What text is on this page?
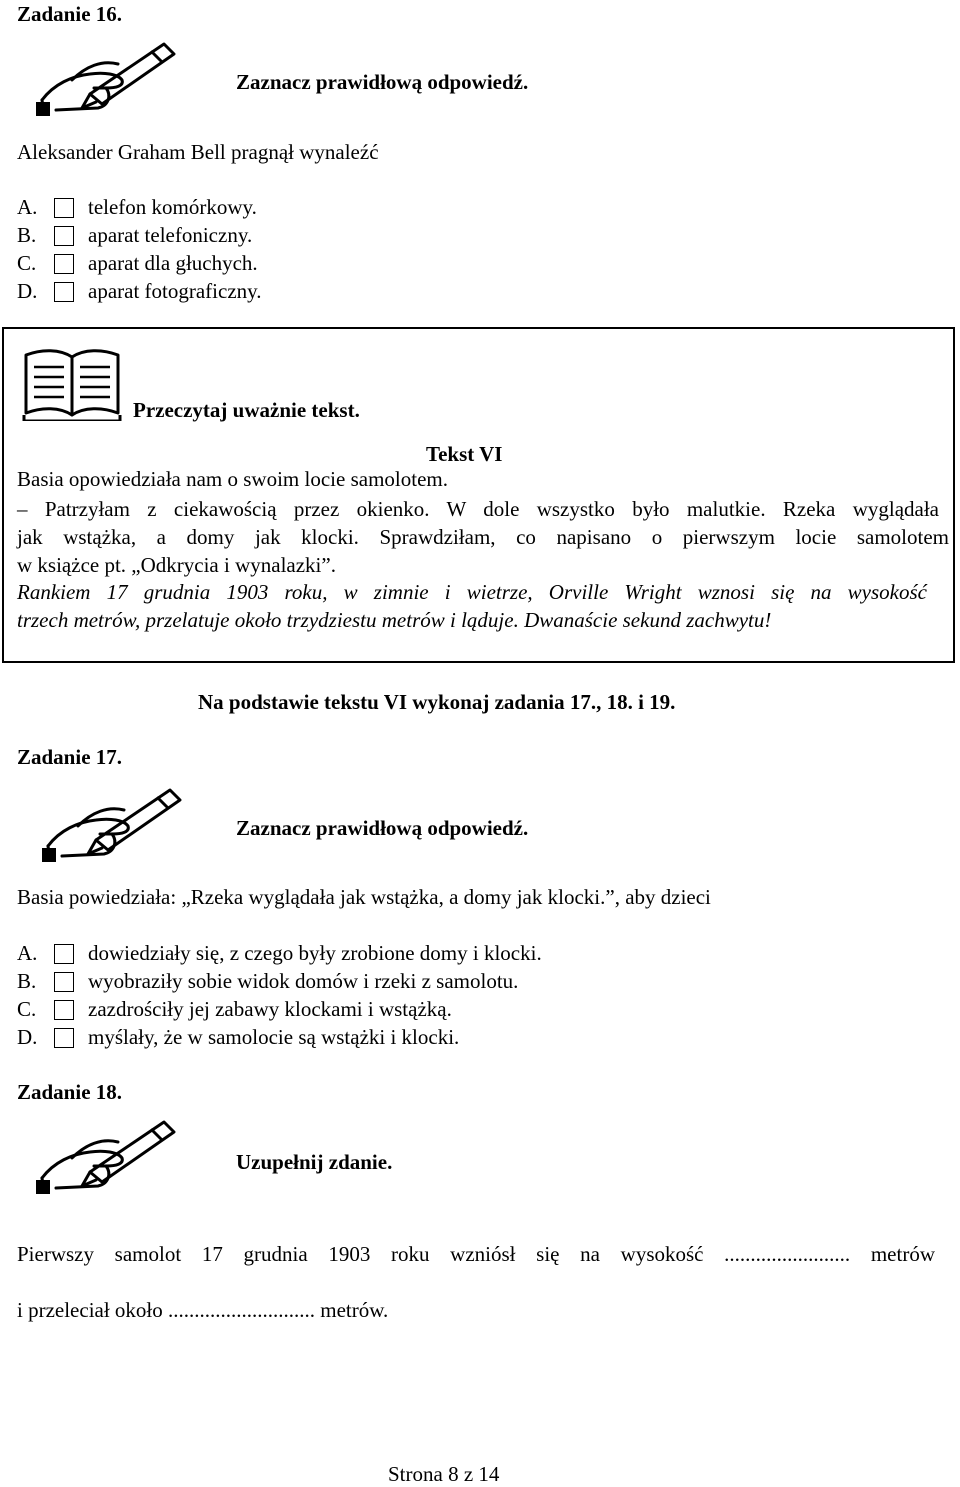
Zadanie 16.
Zaznacz prawidłową odpowiedź.
Aleksander Graham Bell pragnął wynaleźć
A. telefon komórkowy.
B. aparat telefoniczny.
C. aparat dla głuchych.
D. aparat fotograficzny.
Przeczytaj uważnie tekst.
Tekst VI
Basia opowiedziała nam o swoim locie samolotem.
– Patrzyłam z ciekawością przez okienko. W dole wszystko było malutkie. Rzeka wyglądała
jak wstążka, a domy jak klocki. Sprawdziłam, co napisano o pierwszym locie samolotem
w książce pt. „Odkrycia i wynalazki”.
Rankiem 17 grudnia 1903 roku, w zimnie i wietrze, Orville Wright wznosi się na wysokość
trzech metrów, przelatuje około trzydziestu metrów i ląduje. Dwanaście sekund zachwytu!
Na podstawie tekstu VI wykonaj zadania 17., 18. i 19.
Zadanie 17.
Zaznacz prawidłową odpowiedź.
Basia powiedziała: „Rzeka wyglądała jak wstążka, a domy jak klocki.”, aby dzieci
A. dowiedziały się, z czego były zrobione domy i klocki.
B. wyobraziły sobie widok domów i rzeki z samolotu.
C. zazdrościły jej zabawy klockami i wstążką.
D. myślały, że w samolocie są wstążki i klocki.
Zadanie 18.
Uzupełnij zdanie.
Pierwszy samolot 17 grudnia 1903 roku wzniósł się na wysokość ........................ metrów
i przeleciał około ............................ metrów.
Strona 8 z 14
